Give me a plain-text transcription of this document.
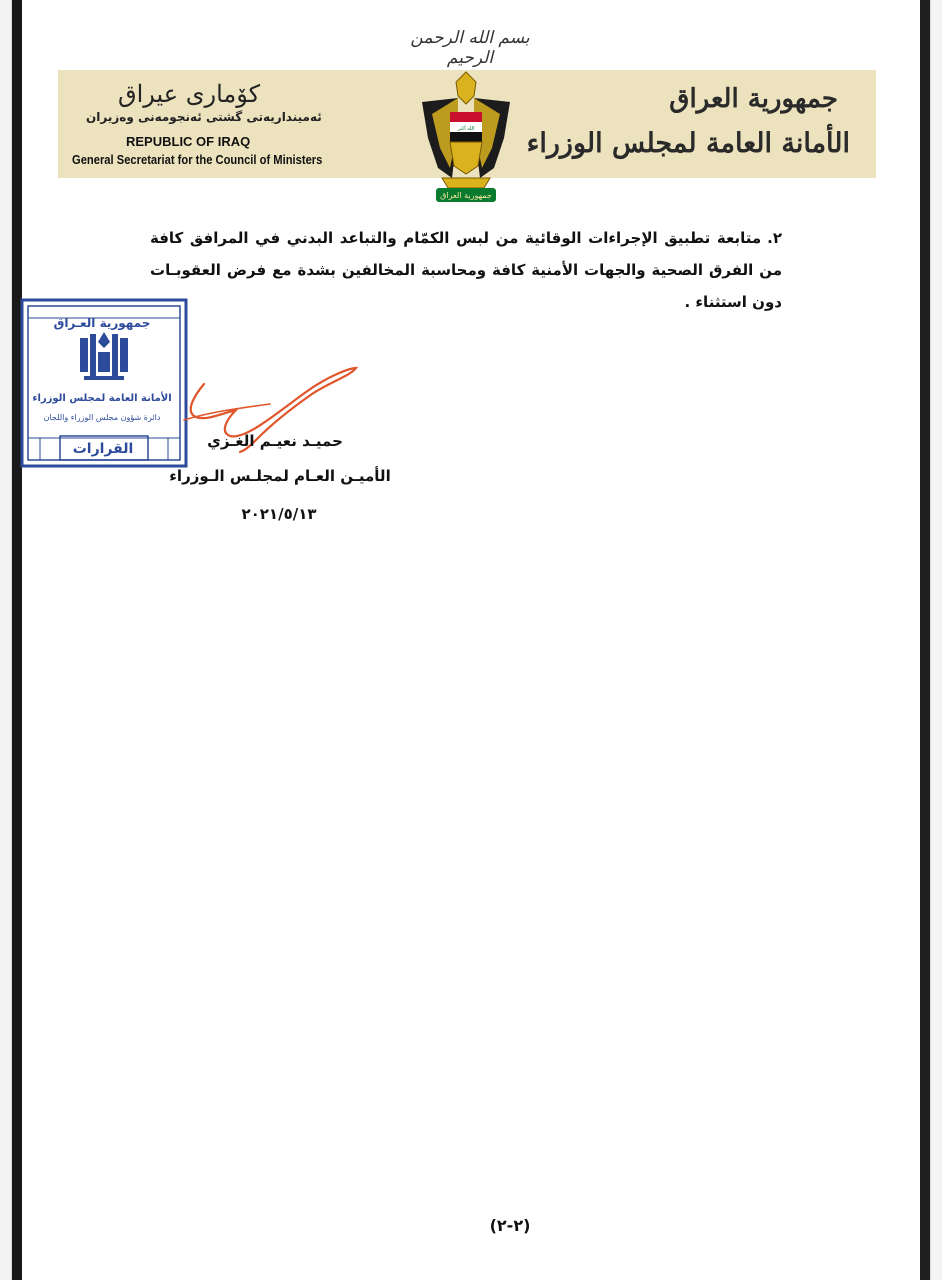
بسم الله الرحمن الرحيم
كۆماری عیراق
ئه‌مینداریه‌تی گشتی ئه‌نجومه‌نی وه‌زیران
REPUBLIC OF IRAQ
General Secretariat for the Council of Ministers
جمهورية العراق
الأمانة العامة لمجلس الوزراء
الله أكبر
جمهورية العراق
٢.متابعة تطبيق الإجراءات الوقائية من لبس الكمّام والتباعد البدني في المرافق كافة من الفرق الصحية والجهات الأمنية كافة ومحاسبة المخالفين بشدة مع فرض العقوبـات دون استثناء .
جمهورية العـراق
الأمانة العامة لمجلس الوزراء
دائرة شؤون مجلس الوزراء واللجان
القرارات	حميـد نعيـم الغـزي
الأميـن العـام لمجلـس الـوزراء
٢٠٢١/٥/١٣
(٢-٢)
